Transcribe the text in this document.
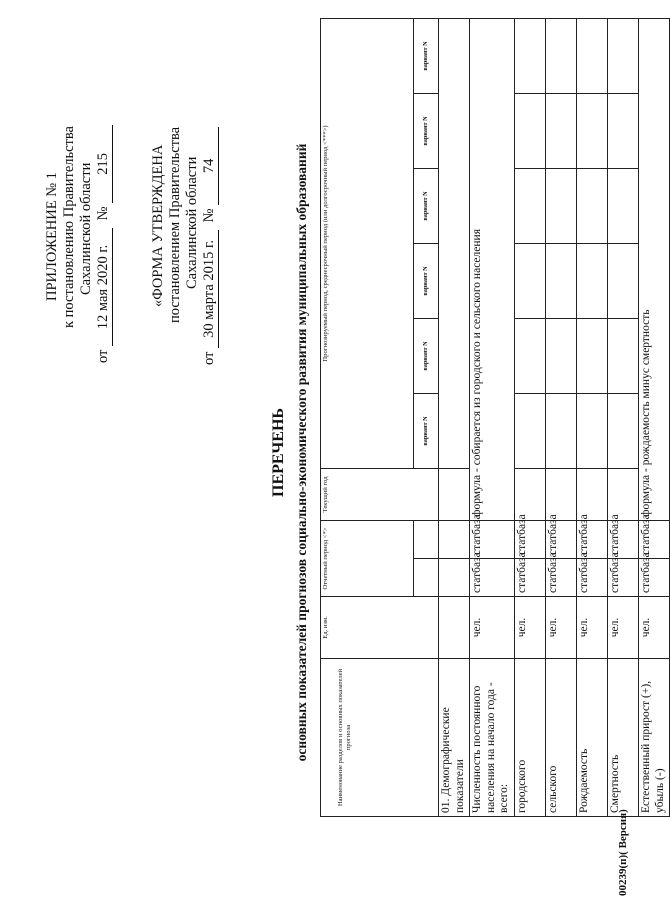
ПРИЛОЖЕНИЕ № 1 к постановлению Правительства Сахалинской области
от 12 мая 2020 г. № 215	«ФОРМА УТВЕРЖДЕНА постановлением Правительства Сахалинской области
от 30 марта 2015 г. № 74
ПЕРЕЧЕНЬ основных показателей прогнозов социально-экономического развития муниципальных образований	Наименование разделов и основных показателей прогноза	Ед. изм.	Отчетный период <*>		Текущий год	Прогнозируемый период, среднесрочный период (или долгосрочный период <***>)					
					вариант N	вариант N	вариант N	вариант N	вариант N	вариант N
01. Демографические показатели										
Численность постоянного населения на начало года - всего:	чел.	статбаза	статбаза	формула - собирается из городского и сельского населения						
городского	чел.	статбаза	статбаза							
сельского	чел.	статбаза	статбаза							
Рождаемость	чел.	статбаза	статбаза							
Смертность	чел.	статбаза	статбаза							
Естественный прирост (+), убыль (-)	чел.	статбаза	статбаза	формула - рождаемость минус смертность						
00239(п)( Версия)
